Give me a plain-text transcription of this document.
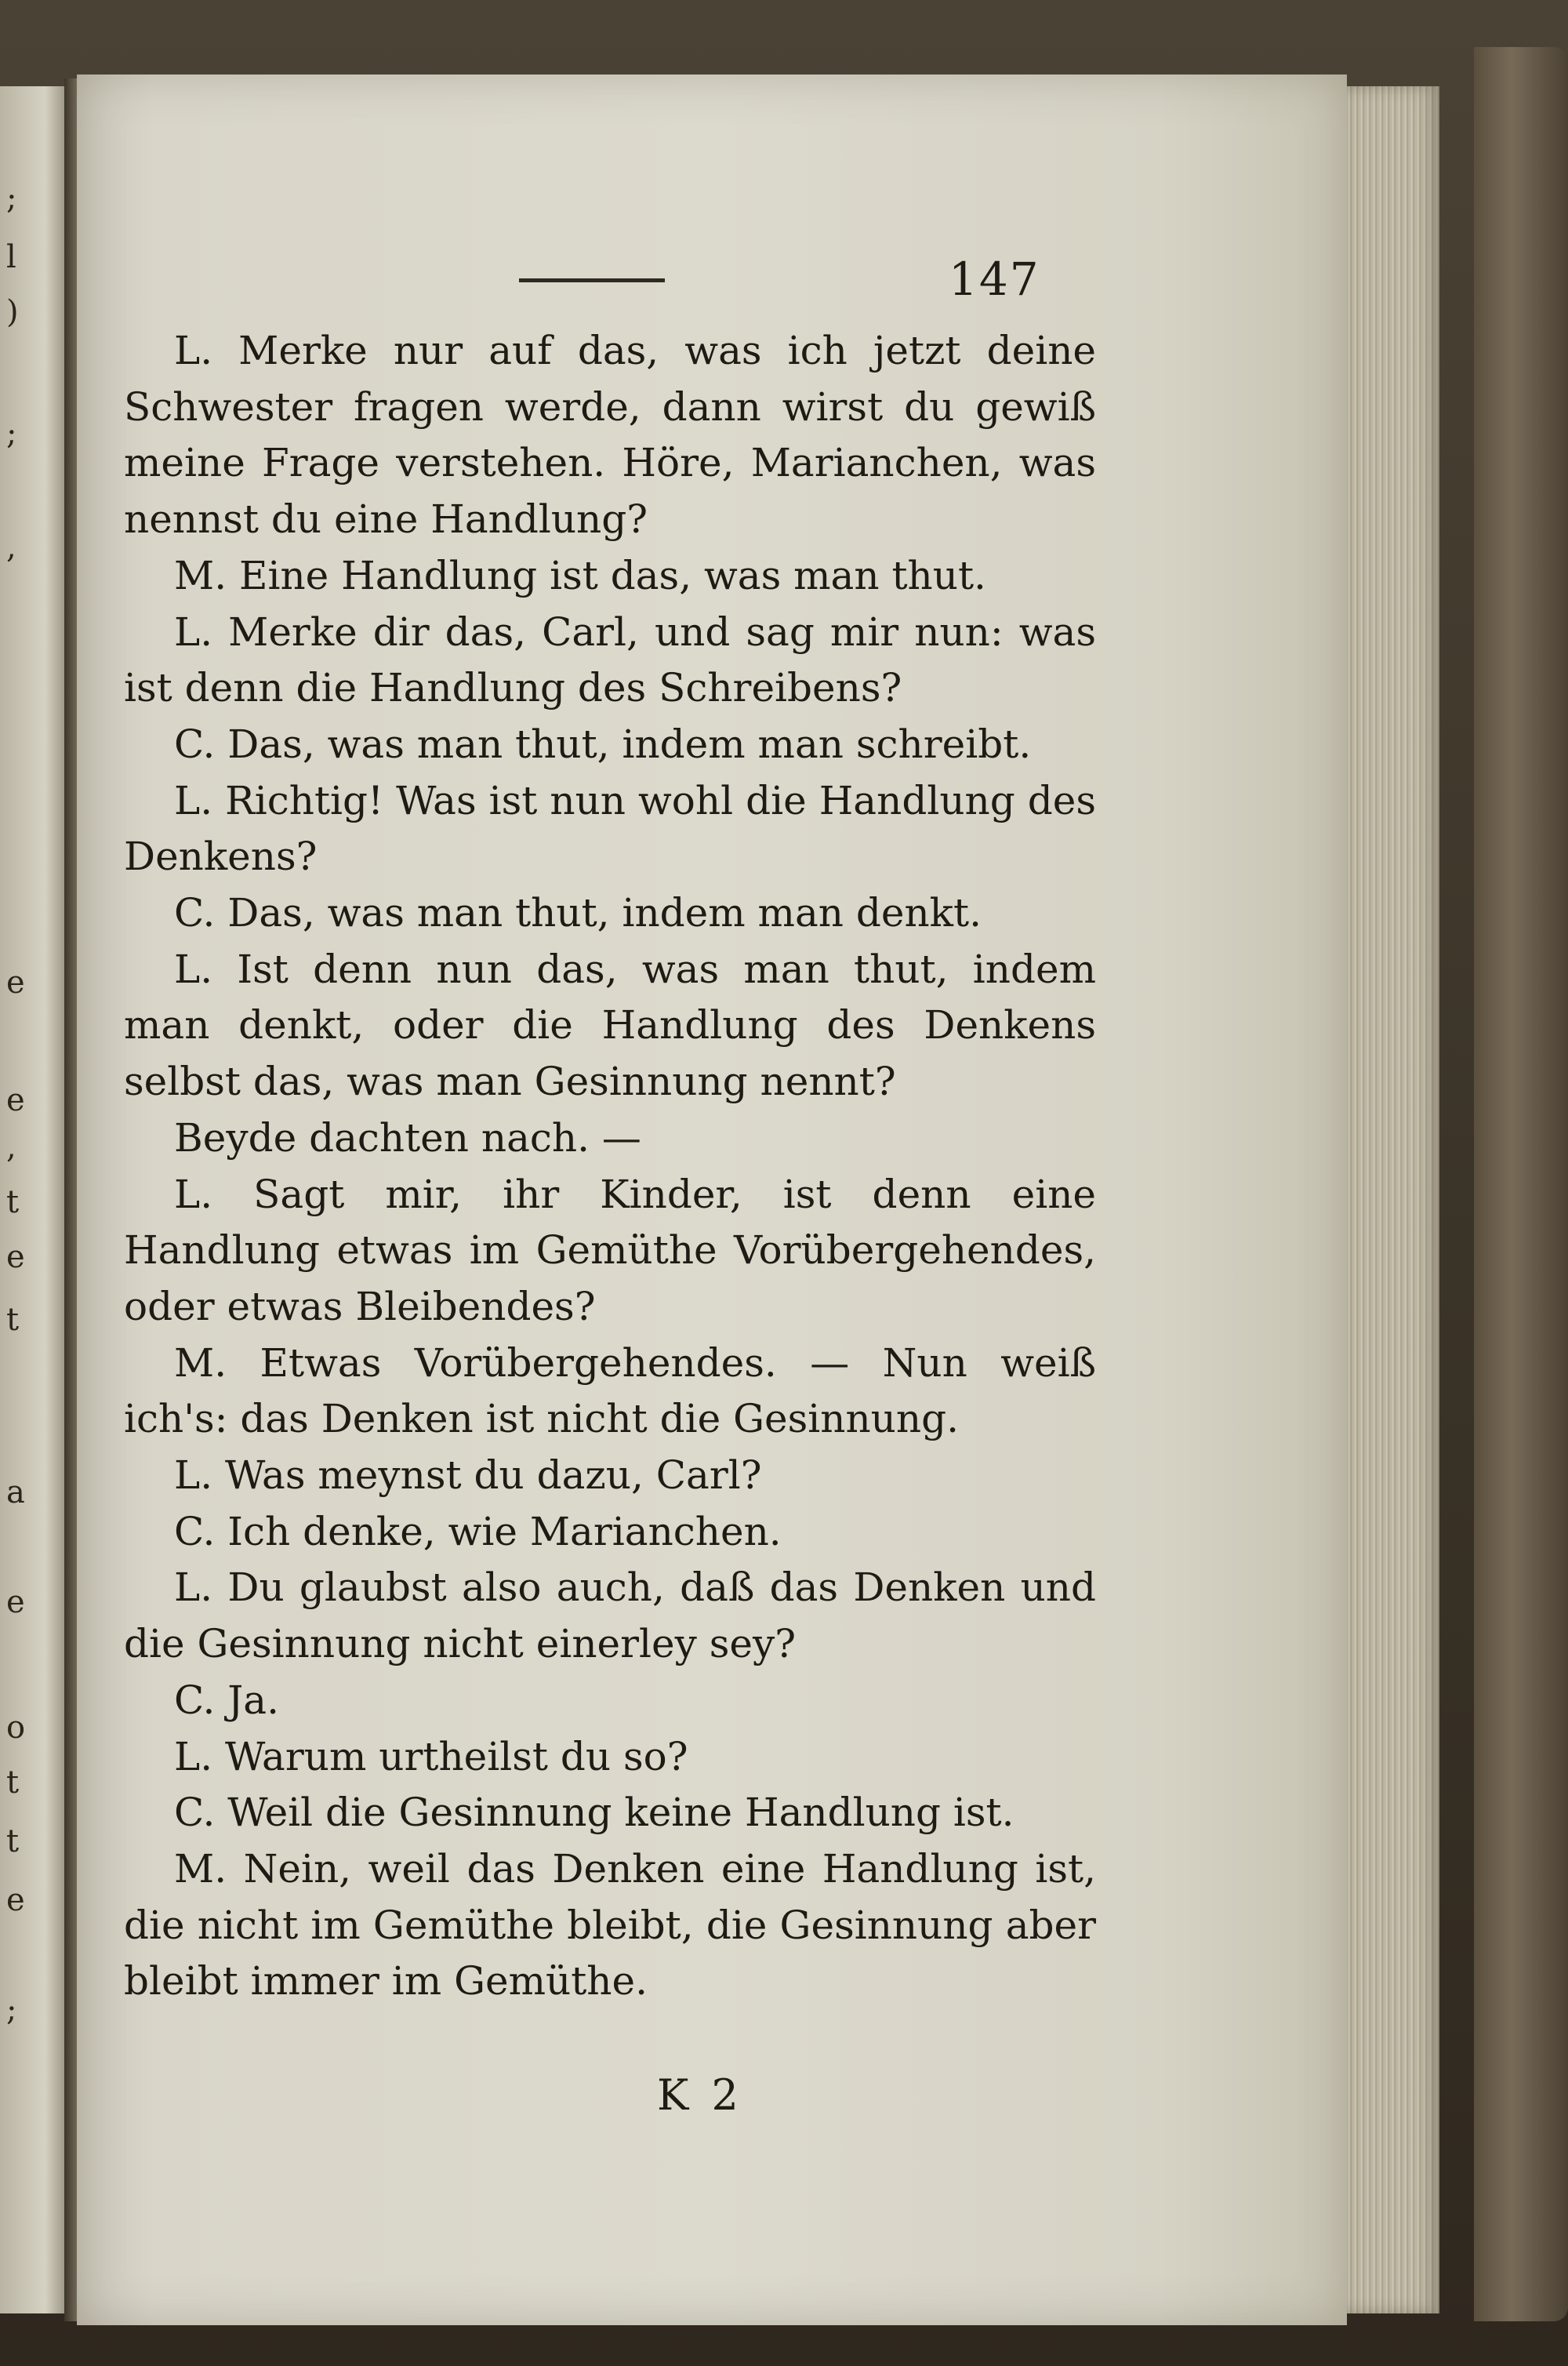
;
l
)
;
,
e
e
,
t
e
t
a
e
o
t
t
e
;
147

L. Merke nur auf das, was ich jetzt deine Schwester fragen werde, dann wirst du gewiß meine Frage verstehen. Höre, Marianchen, was nennst du eine Handlung?

M. Eine Handlung ist das, was man thut.

L. Merke dir das, Carl, und sag mir nun: was ist denn die Handlung des Schreibens?

C. Das, was man thut, indem man schreibt.

L. Richtig! Was ist nun wohl die Handlung des Denkens?

C. Das, was man thut, indem man denkt.

L. Ist denn nun das, was man thut, indem man denkt, oder die Handlung des Denkens selbst das, was man Gesinnung nennt?

Beyde dachten nach. —

L. Sagt mir, ihr Kinder, ist denn eine Handlung etwas im Gemüthe Vorübergehendes, oder etwas Bleibendes?

M. Etwas Vorübergehendes. — Nun weiß ich's: das Denken ist nicht die Gesinnung.

L. Was meynst du dazu, Carl?

C. Ich denke, wie Marianchen.

L. Du glaubst also auch, daß das Denken und die Gesinnung nicht einerley sey?

C. Ja.

L. Warum urtheilst du so?

C. Weil die Gesinnung keine Handlung ist.

M. Nein, weil das Denken eine Handlung ist, die nicht im Gemüthe bleibt, die Gesinnung aber bleibt immer im Gemüthe.

K 2
